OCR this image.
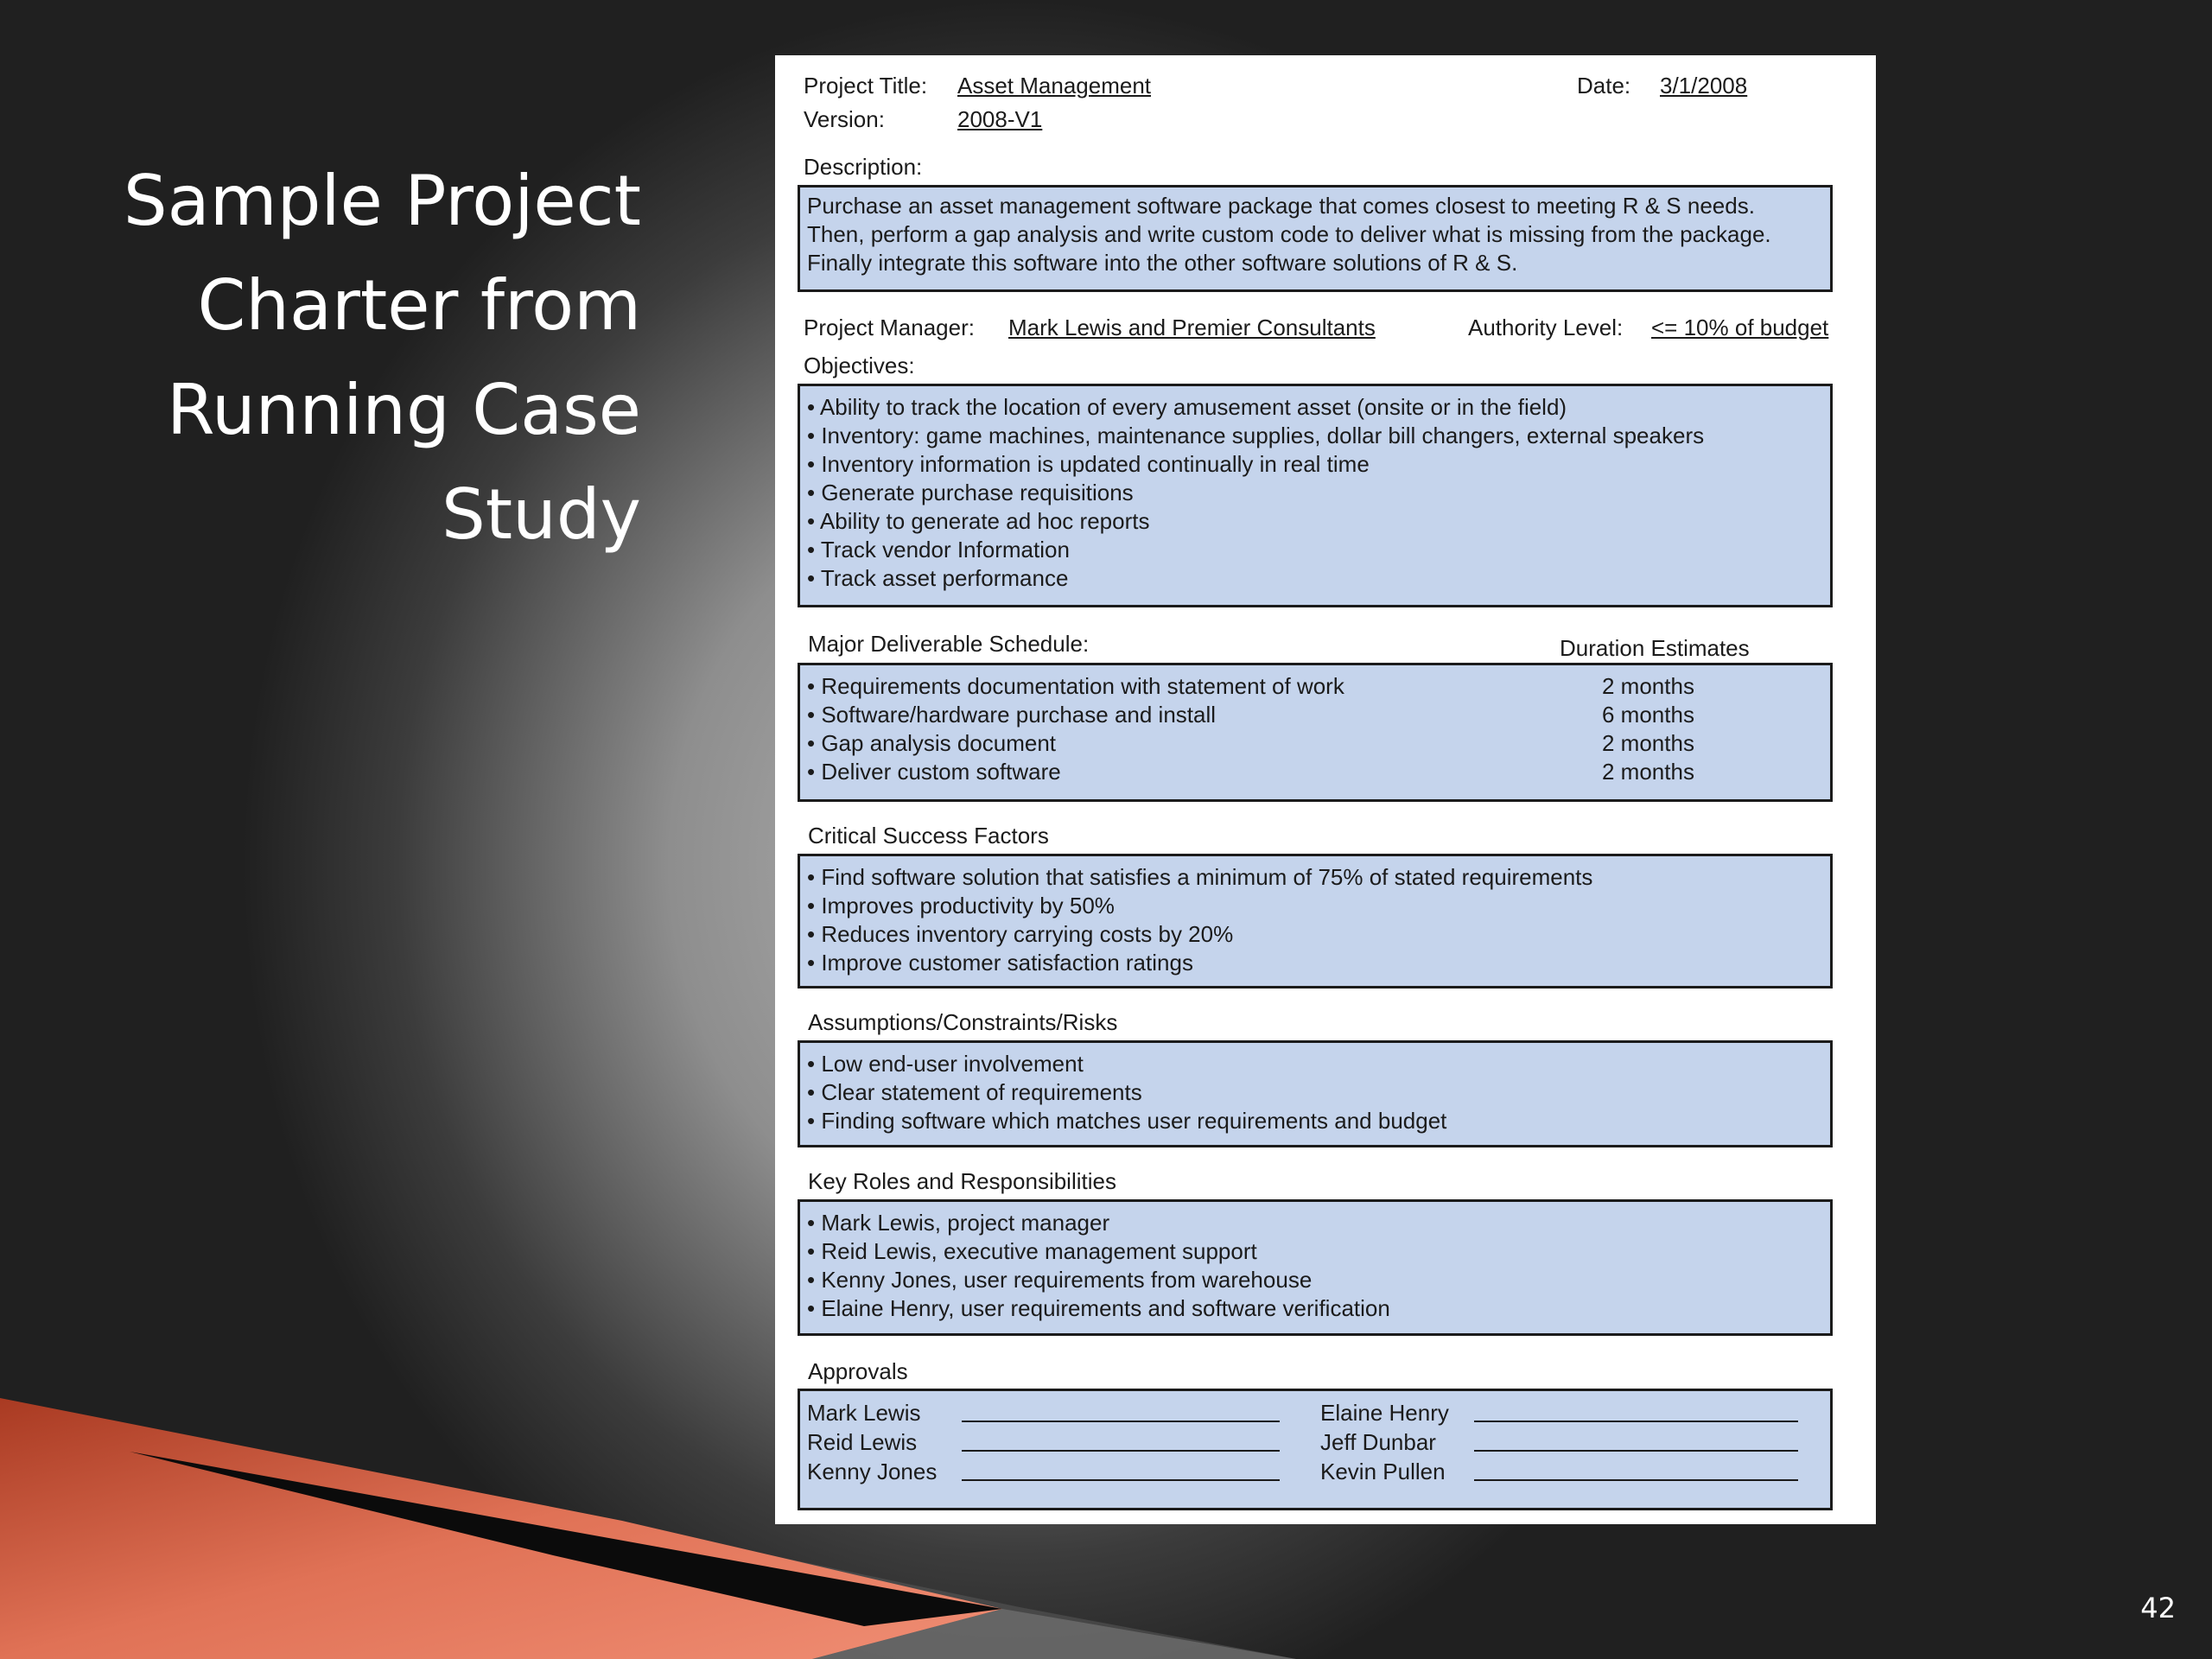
Sample Project
Charter from
Running Case
Study
Project Title: Asset Management	Date: 3/1/2008
Version:	2008-V1
Description:
Purchase an asset management software package that comes closest to meeting R & S needs.
Then, perform a gap analysis and write custom code to deliver what is missing from the package.
Finally integrate this software into the other software solutions of R & S.
Project Manager: Mark Lewis and Premier Consultants	Authority Level: <= 10% of budget
Objectives:
• Ability to track the location of every amusement asset (onsite or in the field)
• Inventory: game machines, maintenance supplies, dollar bill changers, external speakers
• Inventory information is updated continually in real time
• Generate purchase requisitions
• Ability to generate ad hoc reports
• Track vendor Information
• Track asset performance
Major Deliverable Schedule:	Duration Estimates
• Requirements documentation with statement of work	2 months
• Software/hardware purchase and install	6 months
• Gap analysis document	2 months
• Deliver custom software	2 months
Critical Success Factors
• Find software solution that satisfies a minimum of 75% of stated requirements
• Improves productivity by 50%
• Reduces inventory carrying costs by 20%
• Improve customer satisfaction ratings
Assumptions/Constraints/Risks
• Low end-user involvement
• Clear statement of requirements
• Finding software which matches user requirements and budget
Key Roles and Responsibilities
• Mark Lewis, project manager
• Reid Lewis, executive management support
• Kenny Jones, user requirements from warehouse
• Elaine Henry, user requirements and software verification
Approvals
Mark Lewis	Elaine Henry
Reid Lewis	Jeff Dunbar
Kenny Jones	Kevin Pullen
42
